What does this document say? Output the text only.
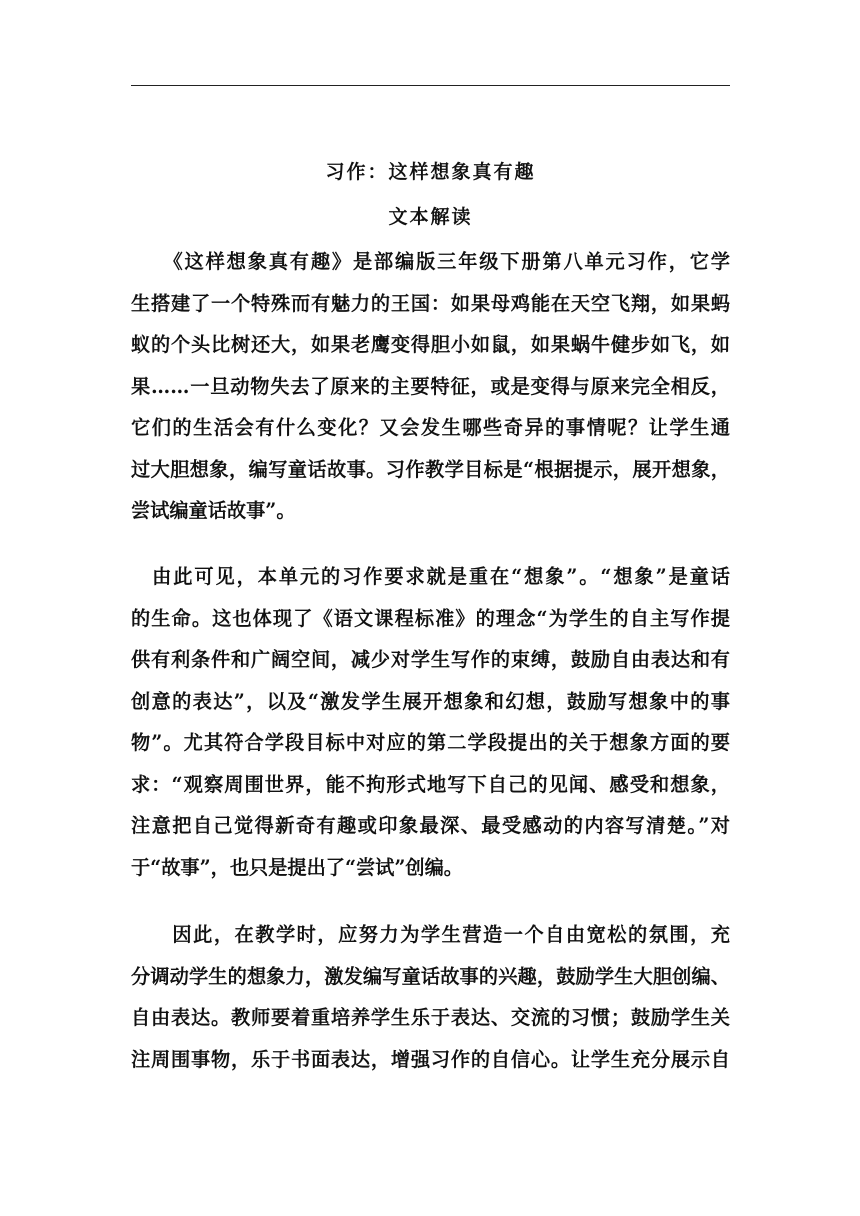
习作：这样想象真有趣
文本解读

　　《这样想象真有趣》是部编版三年级下册第八单元习作，它学
生搭建了一个特殊而有魅力的王国：如果母鸡能在天空飞翔，如果蚂
蚁的个头比树还大，如果老鹰变得胆小如鼠，如果蜗牛健步如飞，如
果……一旦动物失去了原来的主要特征，或是变得与原来完全相反，
它们的生活会有什么变化？又会发生哪些奇异的事情呢？让学生通
过大胆想象，编写童话故事。习作教学目标是“根据提示，展开想象，
尝试编童话故事”。

　由此可见，本单元的习作要求就是重在“想象”。“想象”是童话
的生命。这也体现了《语文课程标准》的理念“为学生的自主写作提
供有利条件和广阔空间，减少对学生写作的束缚，鼓励自由表达和有
创意的表达”，以及“激发学生展开想象和幻想，鼓励写想象中的事
物”。尤其符合学段目标中对应的第二学段提出的关于想象方面的要
求：“观察周围世界，能不拘形式地写下自己的见闻、感受和想象，
注意把自己觉得新奇有趣或印象最深、最受感动的内容写清楚。”对
于“故事”，也只是提出了“尝试”创编。

　　因此，在教学时，应努力为学生营造一个自由宽松的氛围，充
分调动学生的想象力，激发编写童话故事的兴趣，鼓励学生大胆创编、
自由表达。教师要着重培养学生乐于表达、交流的习惯；鼓励学生关
注周围事物，乐于书面表达，增强习作的自信心。让学生充分展示自
